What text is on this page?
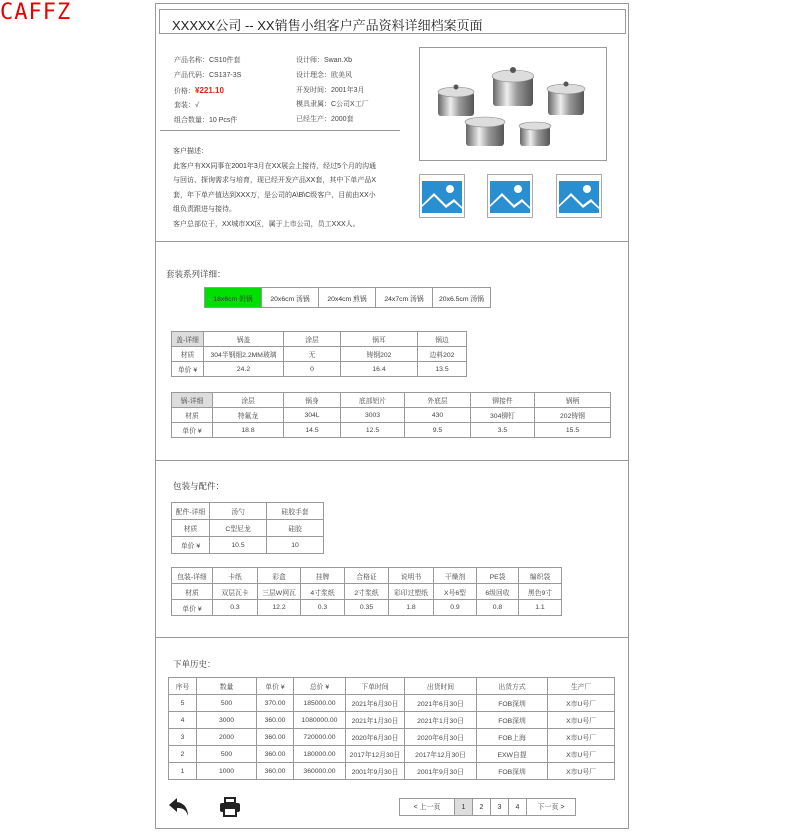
CAFFZ
XXXXX公司 -- XX销售小组客户产品资料详细档案页面
产品名称：CS10件套
产品代码：CS137-3S
价格：¥221.10
套装：√
组合数量：10 Pcs件
设计师：Swan.Xb
设计理念：欧美风
开发时间：2001年3月
模具隶属：C公司X工厂
已经生产：2000套
客户描述：
此客户有XX同事在2001年3月在XX展会上接待，经过5个月的沟通
与回访、探询需求与培育，现已经开发产品XX套，其中下单产品X
套，年下单产值达到XXX万，是公司的A\B\C级客户，目前由XX小
组负责跟进与接待。
客户总部位于，XX城市XX区，属于上市公司，员工XXX人。
套装系列详细：
18x6cm 奶锅	20x6cm 汤锅	20x4cm 煎锅	24x7cm 汤锅	20x6.5cm 汤锅
盖-详细	锅盖	涂层	锅耳	锅边
材质	304半钢细2.2MM玻璃	无	铸钢202	边料202
单价 ¥	24.2	0	16.4	13.5
锅-详细	涂层	锅身	底部铝片	外底层	铆接件	锅柄
材质	特氟龙	304L	3003	430	304铆钉	202铸钢
单价 ¥	18.8	14.5	12.5	9.5	3.5	15.5
包装与配件：
配件-详细	汤勺	硅胶手套
材质	C型尼龙	硅胶
单价 ¥	10.5	10
包装-详细	卡纸	彩盒	挂牌	合格证	说明书	干燥剂	PE袋	编织袋
材质	双层瓦卡	三层W网瓦	4寸浆纸	2寸浆纸	彩印过塑纸	X号6型	6级回收	黑色9寸
单价 ¥	0.3	12.2	0.3	0.35	1.8	0.9	0.8	1.1
下单历史：
序号	数量	单价 ¥	总价 ¥	下单时间	出货时间	出货方式	生产厂
5	500	370.00	185000.00	2021年6月30日	2021年6月30日	FOB深圳	X市U号厂
4	3000	360.00	1080000.00	2021年1月30日	2021年1月30日	FOB深圳	X市U号厂
3	2000	360.00	720000.00	2020年6月30日	2020年6月30日	FOB上海	X市U号厂
2	500	360.00	180000.00	2017年12月30日	2017年12月30日	EXW自提	X市U号厂
1	1000	360.00	360000.00	2001年9月30日	2001年9月30日	FOB深圳	X市U号厂
< 上一页	1	2	3	4	下一页 >
